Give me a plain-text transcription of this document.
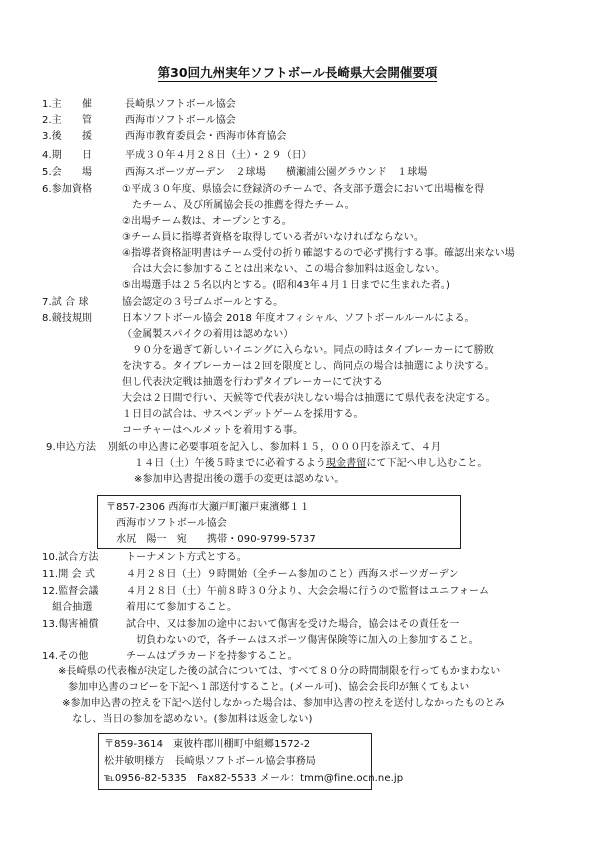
第30回九州実年ソフトボール長崎県大会開催要項
1.主　　催	長崎県ソフトボール協会
2.主　　管	西海市ソフトボール協会
3.後　　援	西海市教育委員会・西海市体育協会
4.期　　日	平成３０年４月２８日（土）・２９（日）
5.会　　場	西海スポーツガーデン　２球場　　横瀬浦公園グラウンド　１球場
6.参加資格	①平成３０年度、県協会に登録済のチームで、各支部予選会において出場権を得
　たチーム、及び所属協会長の推薦を得たチーム。
②出場チーム数は、オープンとする。
③チーム員に指導者資格を取得している者がいなければならない。
④指導者資格証明書はチーム受付の折り確認するので必ず携行する事。確認出来ない場
　合は大会に参加することは出来ない、この場合参加料は返金しない。
⑤出場選手は２５名以内とする。(昭和43年４月１日までに生まれた者。)
7.試 合 球	協会認定の３号ゴムボールとする。
8.競技規則	日本ソフトボール協会 2018 年度オフィシャル、ソフトボールルールによる。
（金属製スパイクの着用は認めない）
　９０分を過ぎて新しいイニングに入らない。同点の時はタイブレーカーにて勝敗
を決する。タイブレーカーは２回を限度とし、尚同点の場合は抽選により決する。
但し代表決定戦は抽選を行わずタイブレーカーにて決する
大会は２日間で行い、天候等で代表が決しない場合は抽選にて県代表を決定する。
１日目の試合は、サスペンデットゲームを採用する。
コーチャーはヘルメットを着用する事。
9.申込方法 別紙の申込書に必要事項を記入し、参加料１５，０００円を添えて、４月
１４日（土）午後５時までに必着するよう現金書留にて下記へ申し込むこと。
※参加申込書提出後の選手の変更は認めない。
〒857-2306 西海市大瀬戸町瀬戸東濱郷１１
　西海市ソフトボール協会
　水尻　陽一　宛　　携帯・090-9799-5737
10.試合方法	トーナメント方式とする。
11.開 会 式	４月２８日（土）９時開始（全チーム参加のこと）西海スポーツガーデン
12.監督会議	４月２８日（土）午前８時３０分より、大会会場に行うので監督はユニフォーム
　組合抽選	着用にて参加すること。
13.傷害補償	試合中、又は参加の途中において傷害を受けた場合，協会はその責任を一
　切負わないので，各チームはスポーツ傷害保険等に加入の上参加すること。
14.その他	チームはプラカードを持参すること。
※長崎県の代表権が決定した後の試合については、すべて８０分の時間制限を行ってもかまわない
　参加申込書のコピーを下記へ１部送付すること。(メール可)、協会会長印が無くてもよい
　※参加申込書の控えを下記へ送付しなかった場合は、参加申込書の控えを送付しなかったものとみ
　　なし、当日の参加を認めない。(参加料は返金しない)
〒859-3614　東彼杵郡川棚町中組郷1572-2
松井敏明様方　長崎県ソフトボール協会事務局
℡0956-82-5335　Fax82-5533 メール：tmm@fine.ocn.ne.jp
